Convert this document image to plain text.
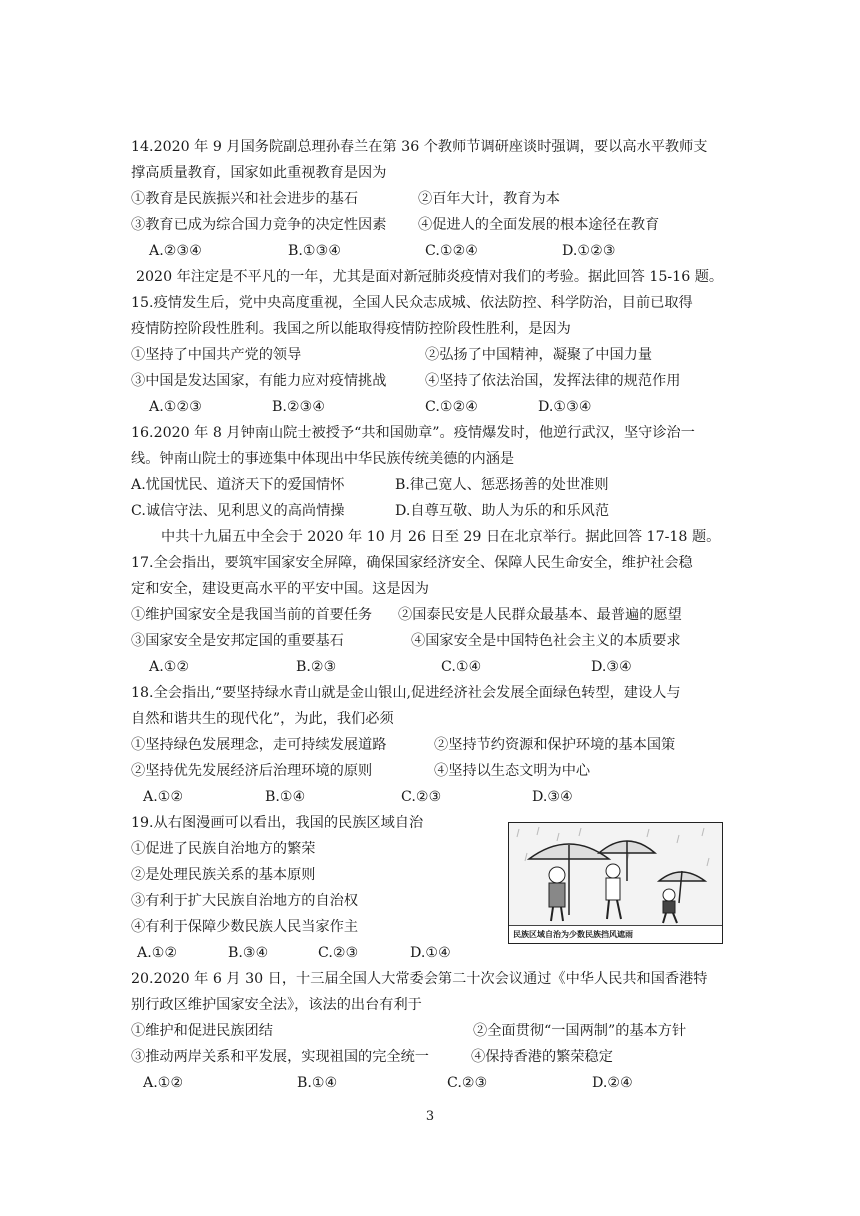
14.2020 年 9 月国务院副总理孙春兰在第 36 个教师节调研座谈时强调，要以高水平教师支
撑高质量教育，国家如此重视教育是因为
①教育是民族振兴和社会进步的基石	②百年大计，教育为本
③教育已成为综合国力竞争的决定性因素 ④促进人的全面发展的根本途径在教育
A.②③④	B.①③④	C.①②④	D.①②③
2020 年注定是不平凡的一年，尤其是面对新冠肺炎疫情对我们的考验。据此回答 15-16 题。
15.疫情发生后，党中央高度重视，全国人民众志成城、依法防控、科学防治，目前已取得
疫情防控阶段性胜利。我国之所以能取得疫情防控阶段性胜利，是因为
①坚持了中国共产党的领导	②弘扬了中国精神，凝聚了中国力量
③中国是发达国家，有能力应对疫情挑战	④坚持了依法治国，发挥法律的规范作用
A.①②③	B.②③④	C.①②④	D.①③④
16.2020 年 8 月钟南山院士被授予“共和国勋章”。疫情爆发时，他逆行武汉，坚守诊治一
线。钟南山院士的事迹集中体现出中华民族传统美德的内涵是
A.忧国忧民、道济天下的爱国情怀	B.律己宽人、惩恶扬善的处世准则
C.诚信守法、见利思义的高尚情操	D.自尊互敬、助人为乐的和乐风范
中共十九届五中全会于 2020 年 10 月 26 日至 29 日在北京举行。据此回答 17-18 题。
17.全会指出，要筑牢国家安全屏障，确保国家经济安全、保障人民生命安全，维护社会稳
定和安全，建设更高水平的平安中国。这是因为
①维护国家安全是我国当前的首要任务 ②国泰民安是人民群众最基本、最普遍的愿望
③国家安全是安邦定国的重要基石	④国家安全是中国特色社会主义的本质要求
A.①②	B.②③	C.①④	D.③④
18.全会指出,“要坚持绿水青山就是金山银山,促进经济社会发展全面绿色转型，建设人与
自然和谐共生的现代化”，为此，我们必须
①坚持绿色发展理念，走可持续发展道路	②坚持节约资源和保护环境的基本国策
②坚持优先发展经济后治理环境的原则	④坚持以生态文明为中心
A.①②	B.①④	C.②③	D.③④
19.从右图漫画可以看出，我国的民族区域自治
①促进了民族自治地方的繁荣
②是处理民族关系的基本原则
③有利于扩大民族自治地方的自治权
④有利于保障少数民族人民当家作主
A.①②	B.③④	C.②③	D.①④
民族区域自治为少数民族挡风遮雨
20.2020 年 6 月 30 日，十三届全国人大常委会第二十次会议通过《中华人民共和国香港特
别行政区维护国家安全法》，该法的出台有利于
①维护和促进民族团结	②全面贯彻“一国两制”的基本方针
③推动两岸关系和平发展，实现祖国的完全统一	④保持香港的繁荣稳定
A.①②	B.①④	C.②③	D.②④
3
